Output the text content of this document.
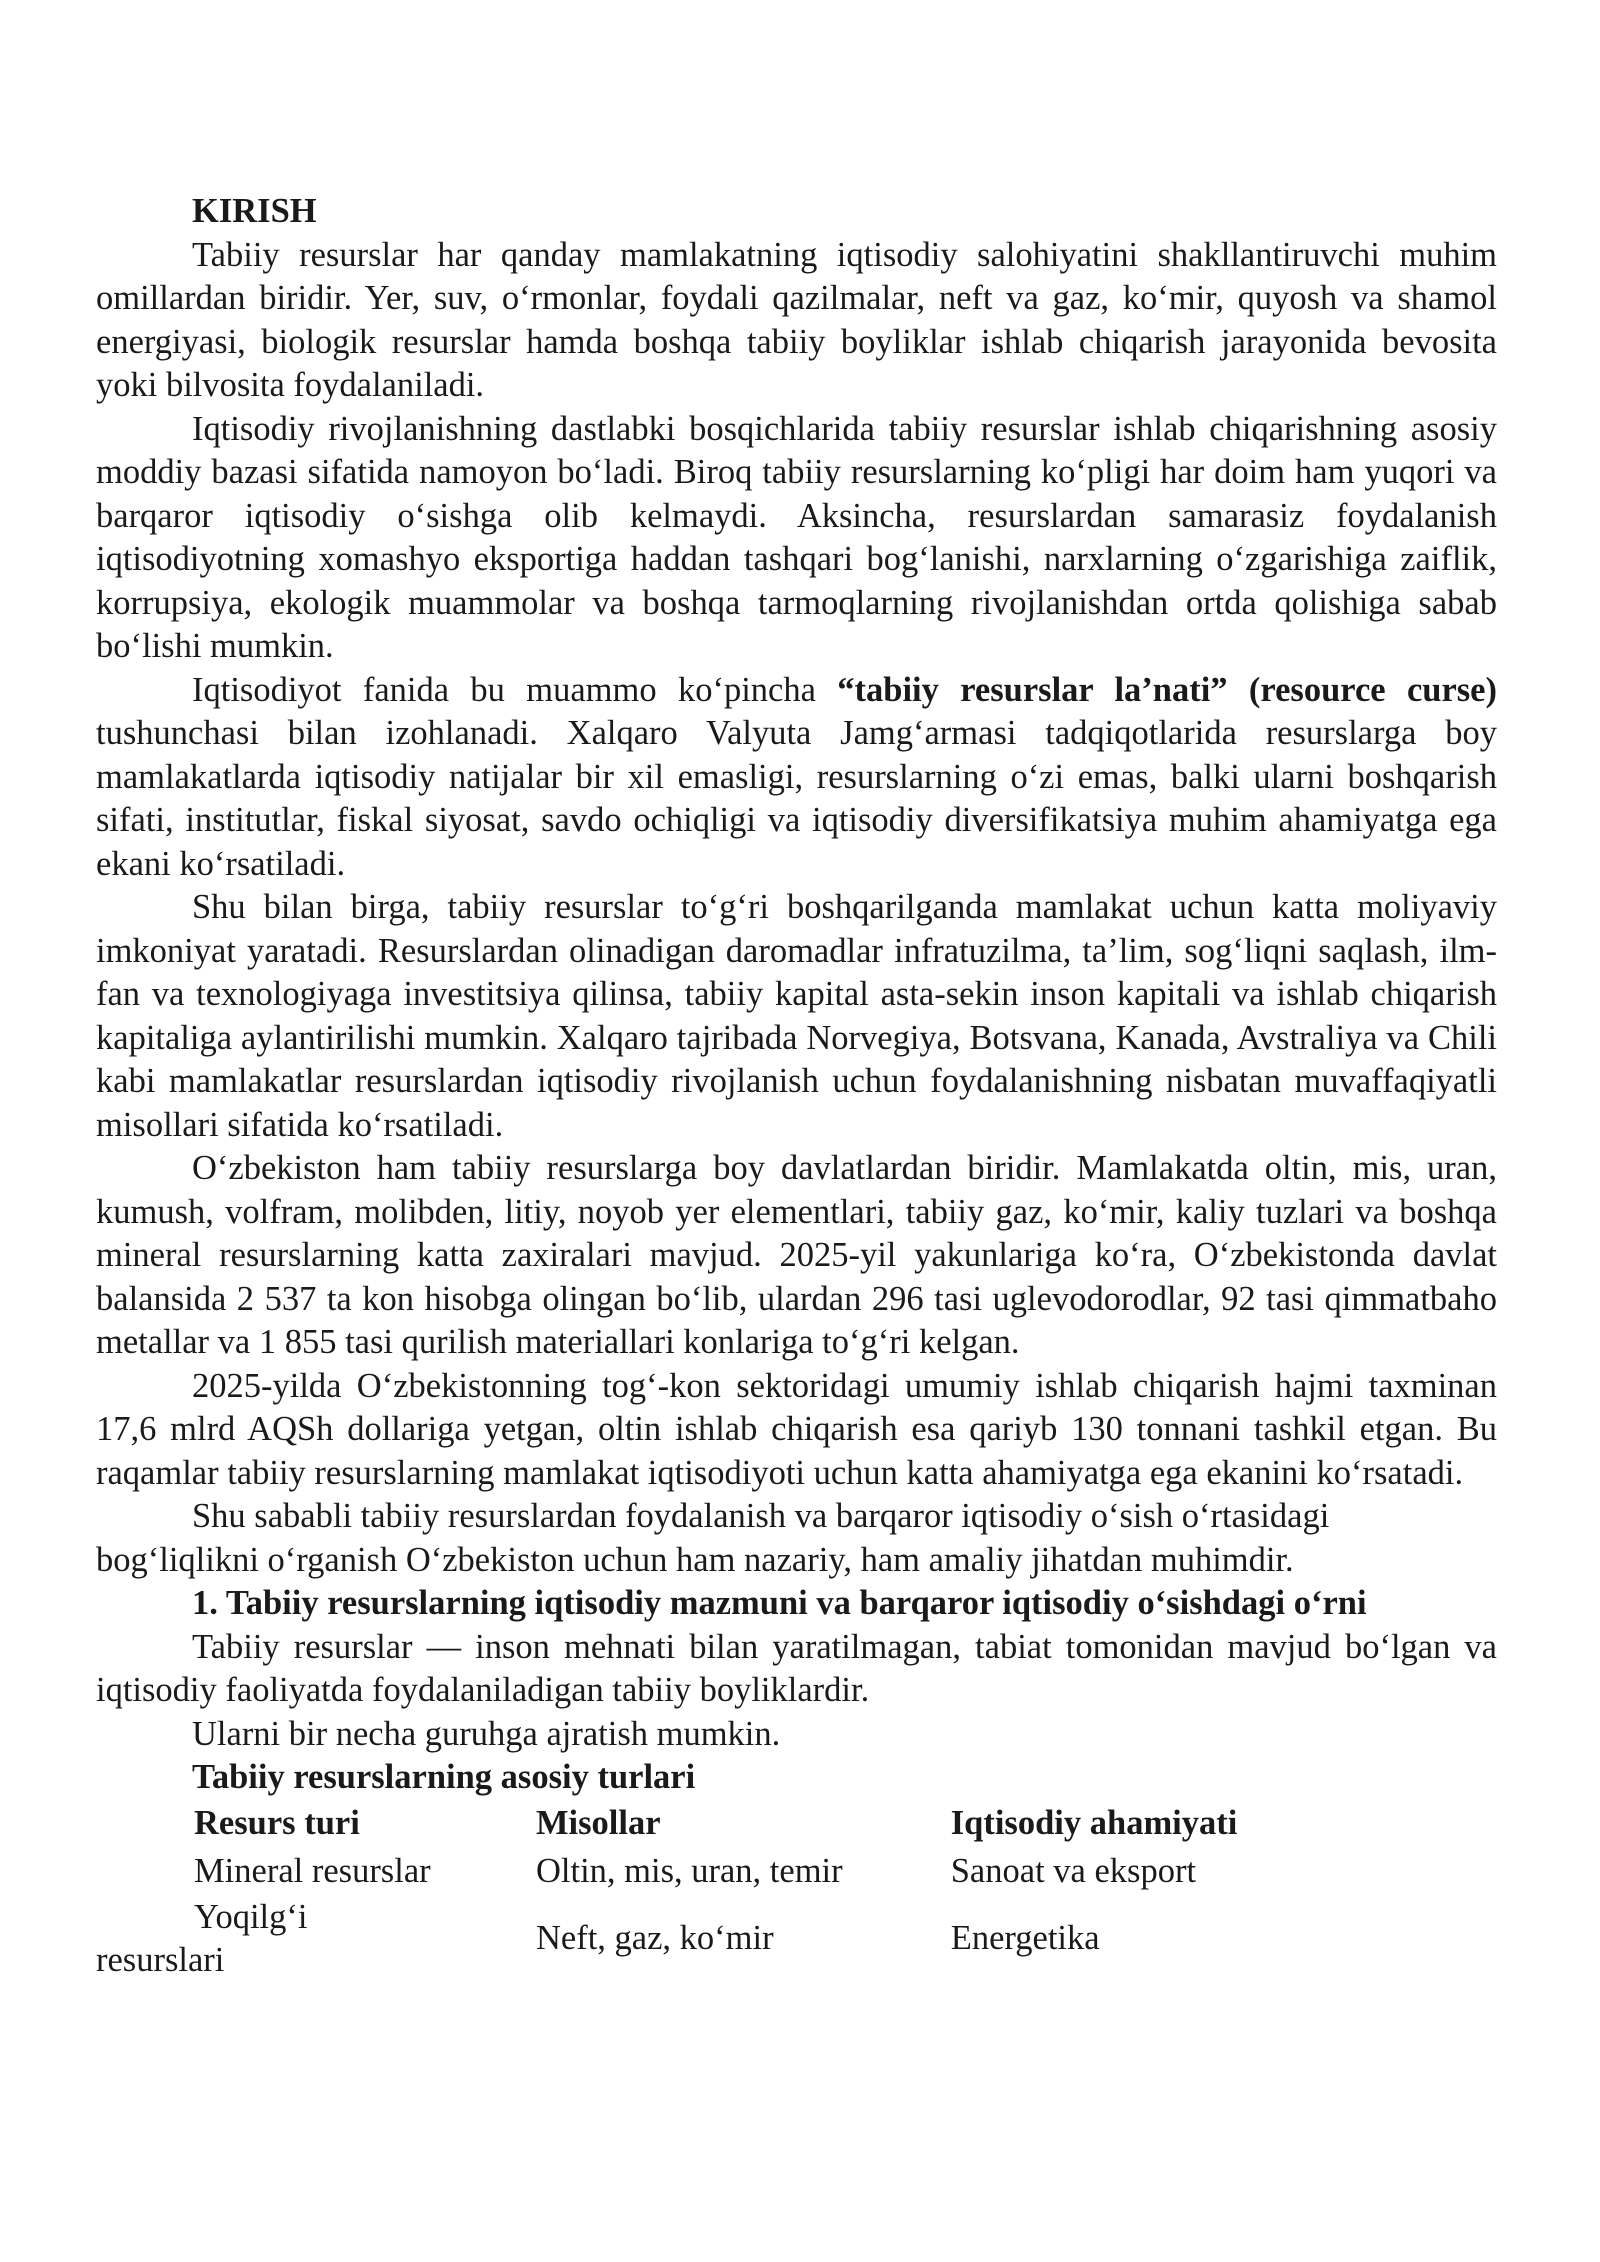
KIRISH

Tabiiy resurslar har qanday mamlakatning iqtisodiy salohiyatini shakllantiruvchi muhim omillardan biridir. Yer, suv, o‘rmonlar, foydali qazilmalar, neft va gaz, ko‘mir, quyosh va shamol energiyasi, biologik resurslar hamda boshqa tabiiy boyliklar ishlab chiqarish jarayonida bevosita yoki bilvosita foydalaniladi.

Iqtisodiy rivojlanishning dastlabki bosqichlarida tabiiy resurslar ishlab chiqarishning asosiy moddiy bazasi sifatida namoyon bo‘ladi. Biroq tabiiy resurslarning ko‘pligi har doim ham yuqori va barqaror iqtisodiy o‘sishga olib kelmaydi. Aksincha, resurslardan samarasiz foydalanish iqtisodiyotning xomashyo eksportiga haddan tashqari bog‘lanishi, narxlarning o‘zgarishiga zaiflik, korrupsiya, ekologik muammolar va boshqa tarmoqlarning rivojlanishdan ortda qolishiga sabab bo‘lishi mumkin.

Iqtisodiyot fanida bu muammo ko‘pincha “tabiiy resurslar la’nati” (resource curse) tushunchasi bilan izohlanadi. Xalqaro Valyuta Jamg‘armasi tadqiqotlarida resurslarga boy mamlakatlarda iqtisodiy natijalar bir xil emasligi, resurslarning o‘zi emas, balki ularni boshqarish sifati, institutlar, fiskal siyosat, savdo ochiqligi va iqtisodiy diversifikatsiya muhim ahamiyatga ega ekani ko‘rsatiladi.

Shu bilan birga, tabiiy resurslar to‘g‘ri boshqarilganda mamlakat uchun katta moliyaviy imkoniyat yaratadi. Resurslardan olinadigan daromadlar infratuzilma, ta’lim, sog‘liqni saqlash, ilm-fan va texnologiyaga investitsiya qilinsa, tabiiy kapital asta-sekin inson kapitali va ishlab chiqarish kapitaliga aylantirilishi mumkin. Xalqaro tajribada Norvegiya, Botsvana, Kanada, Avstraliya va Chili kabi mamlakatlar resurslardan iqtisodiy rivojlanish uchun foydalanishning nisbatan muvaffaqiyatli misollari sifatida ko‘rsatiladi.

O‘zbekiston ham tabiiy resurslarga boy davlatlardan biridir. Mamlakatda oltin, mis, uran, kumush, volfram, molibden, litiy, noyob yer elementlari, tabiiy gaz, ko‘mir, kaliy tuzlari va boshqa mineral resurslarning katta zaxiralari mavjud. 2025-yil yakunlariga ko‘ra, O‘zbekistonda davlat balansida 2 537 ta kon hisobga olingan bo‘lib, ulardan 296 tasi uglevodorodlar, 92 tasi qimmatbaho metallar va 1 855 tasi qurilish materiallari konlariga to‘g‘ri kelgan.

2025-yilda O‘zbekistonning tog‘-kon sektoridagi umumiy ishlab chiqarish hajmi taxminan 17,6 mlrd AQSh dollariga yetgan, oltin ishlab chiqarish esa qariyb 130 tonnani tashkil etgan. Bu raqamlar tabiiy resurslarning mamlakat iqtisodiyoti uchun katta ahamiyatga ega ekanini ko‘rsatadi.

Shu sababli tabiiy resurslardan foydalanish va barqaror iqtisodiy o‘sish o‘rtasidagi bog‘liqlikni o‘rganish O‘zbekiston uchun ham nazariy, ham amaliy jihatdan muhimdir.

1. Tabiiy resurslarning iqtisodiy mazmuni va barqaror iqtisodiy o‘sishdagi o‘rni

Tabiiy resurslar — inson mehnati bilan yaratilmagan, tabiat tomonidan mavjud bo‘lgan va iqtisodiy faoliyatda foydalaniladigan tabiiy boyliklardir.

Ularni bir necha guruhga ajratish mumkin.

Tabiiy resurslarning asosiy turlari

Resurs turi	Misollar	Iqtisodiy ahamiyati
Mineral resurslar	Oltin, mis, uran, temir	Sanoat va eksport

Yoqilg‘i
resurslari	Neft, gaz, ko‘mir	Energetika
